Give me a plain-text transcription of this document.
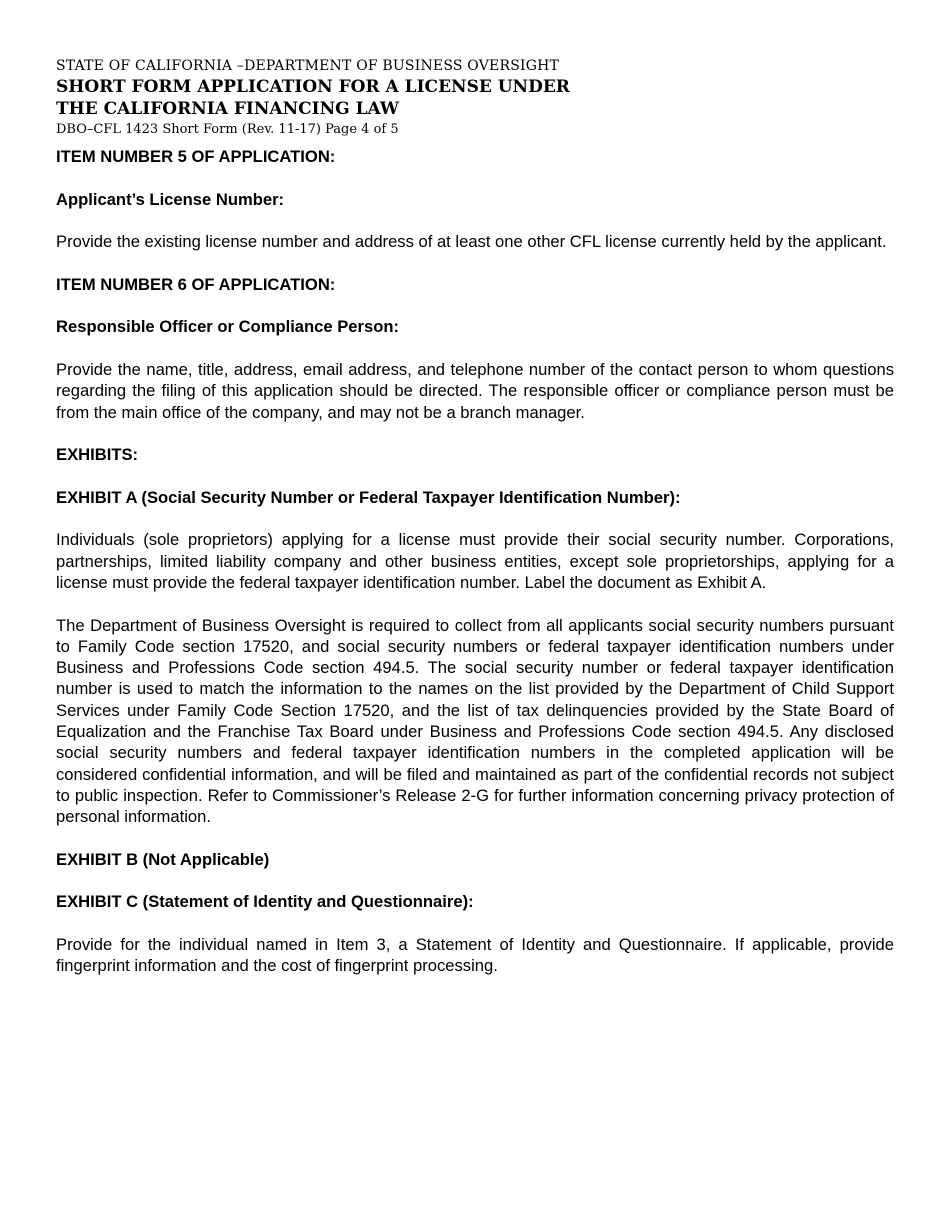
STATE OF CALIFORNIA –DEPARTMENT OF BUSINESS OVERSIGHT
SHORT FORM APPLICATION FOR A LICENSE UNDER
THE CALIFORNIA FINANCING LAW
DBO–CFL 1423 Short Form (Rev. 11-17) Page 4 of 5
ITEM NUMBER 5 OF APPLICATION:
Applicant’s License Number:

Provide the existing license number and address of at least one other CFL license currently held by the applicant.

ITEM NUMBER 6 OF APPLICATION:
Responsible Officer or Compliance Person:

Provide the name, title, address, email address, and telephone number of the contact person to whom questions regarding the filing of this application should be directed. The responsible officer or compliance person must be from the main office of the company, and may not be a branch manager.

EXHIBITS:
EXHIBIT A (Social Security Number or Federal Taxpayer Identification Number):

Individuals (sole proprietors) applying for a license must provide their social security number. Corporations, partnerships, limited liability company and other business entities, except sole proprietorships, applying for a license must provide the federal taxpayer identification number. Label the document as Exhibit A.

The Department of Business Oversight is required to collect from all applicants social security numbers pursuant to Family Code section 17520, and social security numbers or federal taxpayer identification numbers under Business and Professions Code section 494.5. The social security number or federal taxpayer identification number is used to match the information to the names on the list provided by the Department of Child Support Services under Family Code Section 17520, and the list of tax delinquencies provided by the State Board of Equalization and the Franchise Tax Board under Business and Professions Code section 494.5. Any disclosed social security numbers and federal taxpayer identification numbers in the completed application will be considered confidential information, and will be filed and maintained as part of the confidential records not subject to public inspection. Refer to Commissioner’s Release 2-G for further information concerning privacy protection of personal information.

EXHIBIT B (Not Applicable)
EXHIBIT C (Statement of Identity and Questionnaire):

Provide for the individual named in Item 3, a Statement of Identity and Questionnaire. If applicable, provide fingerprint information and the cost of fingerprint processing.
